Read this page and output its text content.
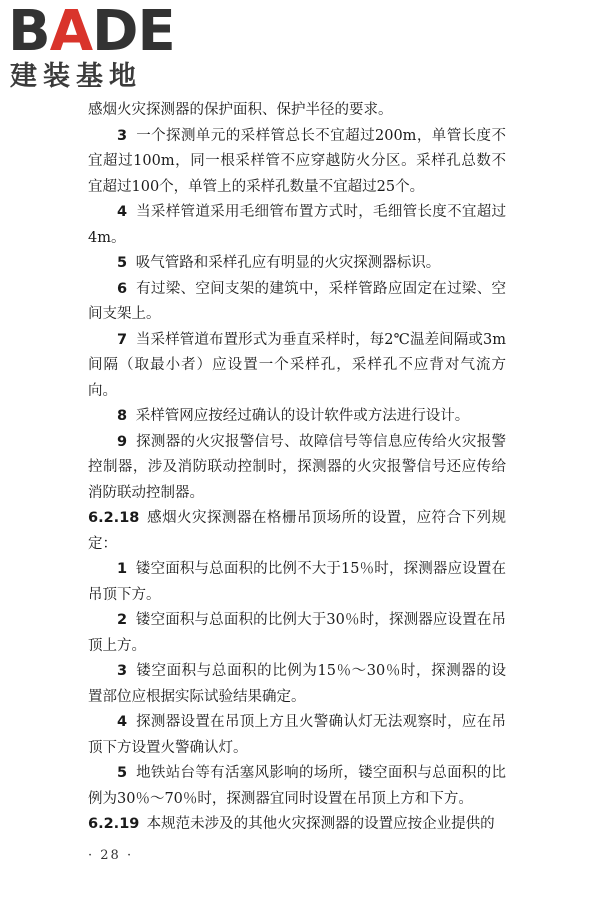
BADE
建装基地

感烟火灾探测器的保护面积、保护半径的要求。

3 一个探测单元的采样管总长不宜超过200m，单管长度不宜超过100m，同一根采样管不应穿越防火分区。采样孔总数不宜超过100个，单管上的采样孔数量不宜超过25个。

4 当采样管道采用毛细管布置方式时，毛细管长度不宜超过4m。

5 吸气管路和采样孔应有明显的火灾探测器标识。

6 有过梁、空间支架的建筑中，采样管路应固定在过梁、空间支架上。

7 当采样管道布置形式为垂直采样时，每2℃温差间隔或3m间隔（取最小者）应设置一个采样孔，采样孔不应背对气流方向。

8 采样管网应按经过确认的设计软件或方法进行设计。

9 探测器的火灾报警信号、故障信号等信息应传给火灾报警控制器，涉及消防联动控制时，探测器的火灾报警信号还应传给消防联动控制器。

6.2.18 感烟火灾探测器在格栅吊顶场所的设置，应符合下列规定：

1 镂空面积与总面积的比例不大于15％时，探测器应设置在吊顶下方。

2 镂空面积与总面积的比例大于30％时，探测器应设置在吊顶上方。

3 镂空面积与总面积的比例为15％～30％时，探测器的设置部位应根据实际试验结果确定。

4 探测器设置在吊顶上方且火警确认灯无法观察时，应在吊顶下方设置火警确认灯。

5 地铁站台等有活塞风影响的场所，镂空面积与总面积的比例为30％～70％时，探测器宜同时设置在吊顶上方和下方。

6.2.19 本规范未涉及的其他火灾探测器的设置应按企业提供的

· 28 ·
